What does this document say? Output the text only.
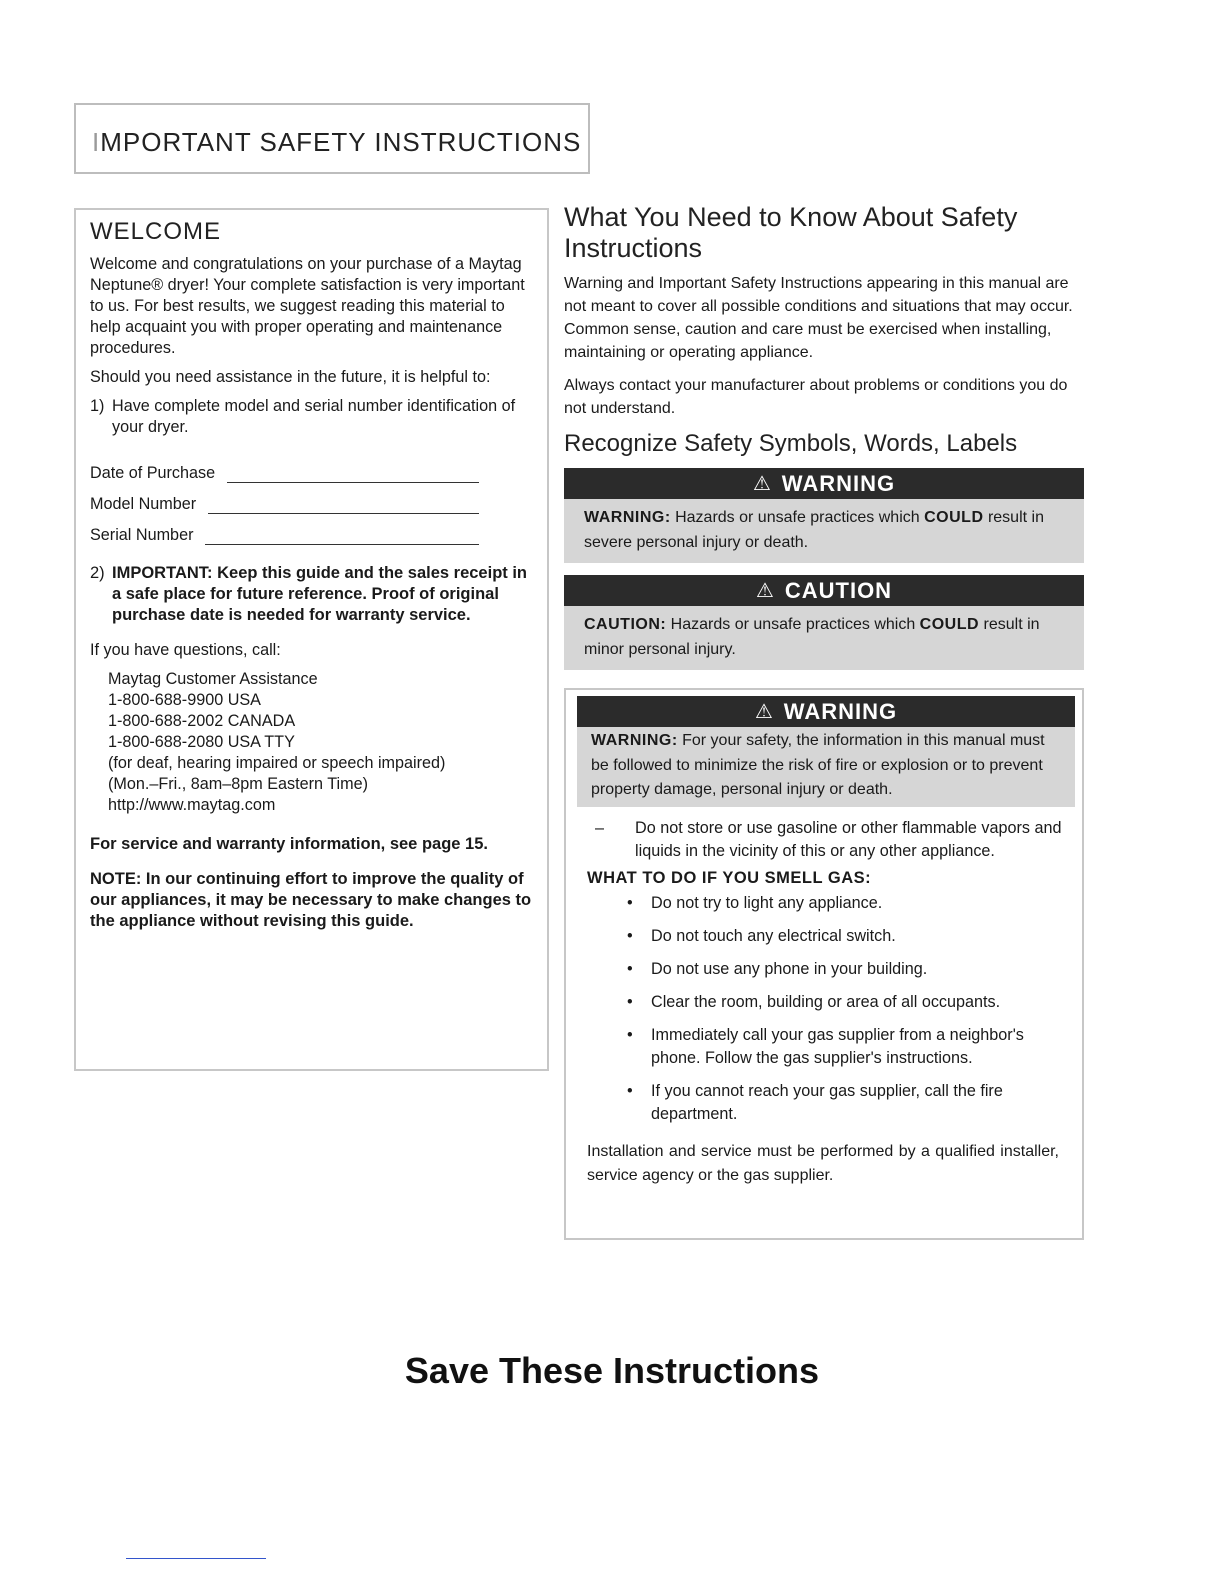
IMPORTANT SAFETY INSTRUCTIONS
WELCOME

Welcome and congratulations on your purchase of a Maytag Neptune® dryer! Your complete satisfaction is very important to us. For best results, we suggest reading this material to help acquaint you with proper operating and maintenance procedures.

Should you need assistance in the future, it is helpful to:

1) Have complete model and serial number identification of your dryer.
Date of Purchase
Model Number
Serial Number
2) IMPORTANT: Keep this guide and the sales receipt in a safe place for future reference. Proof of original purchase date is needed for warranty service.

If you have questions, call:

Maytag Customer Assistance
1-800-688-9900 USA
1-800-688-2002 CANADA
1-800-688-2080 USA TTY
(for deaf, hearing impaired or speech impaired)
(Mon.–Fri., 8am–8pm Eastern Time)
http://www.maytag.com
For service and warranty information, see page 15.
NOTE: In our continuing effort to improve the quality of our appliances, it may be necessary to make changes to the appliance without revising this guide.
What You Need to Know About Safety Instructions

Warning and Important Safety Instructions appearing in this manual are not meant to cover all possible conditions and situations that may occur. Common sense, caution and care must be exercised when installing, maintaining or operating appliance.

Always contact your manufacturer about problems or conditions you do not understand.

Recognize Safety Symbols, Words, Labels
⚠ WARNING
WARNING: Hazards or unsafe practices which COULD result in severe personal injury or death.
⚠ CAUTION
CAUTION: Hazards or unsafe practices which COULD result in minor personal injury.
⚠ WARNING
WARNING: For your safety, the information in this manual must be followed to minimize the risk of fire or explosion or to prevent property damage, personal injury or death.
–	Do not store or use gasoline or other flammable vapors and liquids in the vicinity of this or any other appliance.
WHAT TO DO IF YOU SMELL GAS:
•	Do not try to light any appliance.
•	Do not touch any electrical switch.
•	Do not use any phone in your building.
•	Clear the room, building or area of all occupants.
•	Immediately call your gas supplier from a neighbor's phone. Follow the gas supplier's instructions.
•	If you cannot reach your gas supplier, call the fire department.
Installation and service must be performed by a qualified installer, service agency or the gas supplier.
Save These Instructions
